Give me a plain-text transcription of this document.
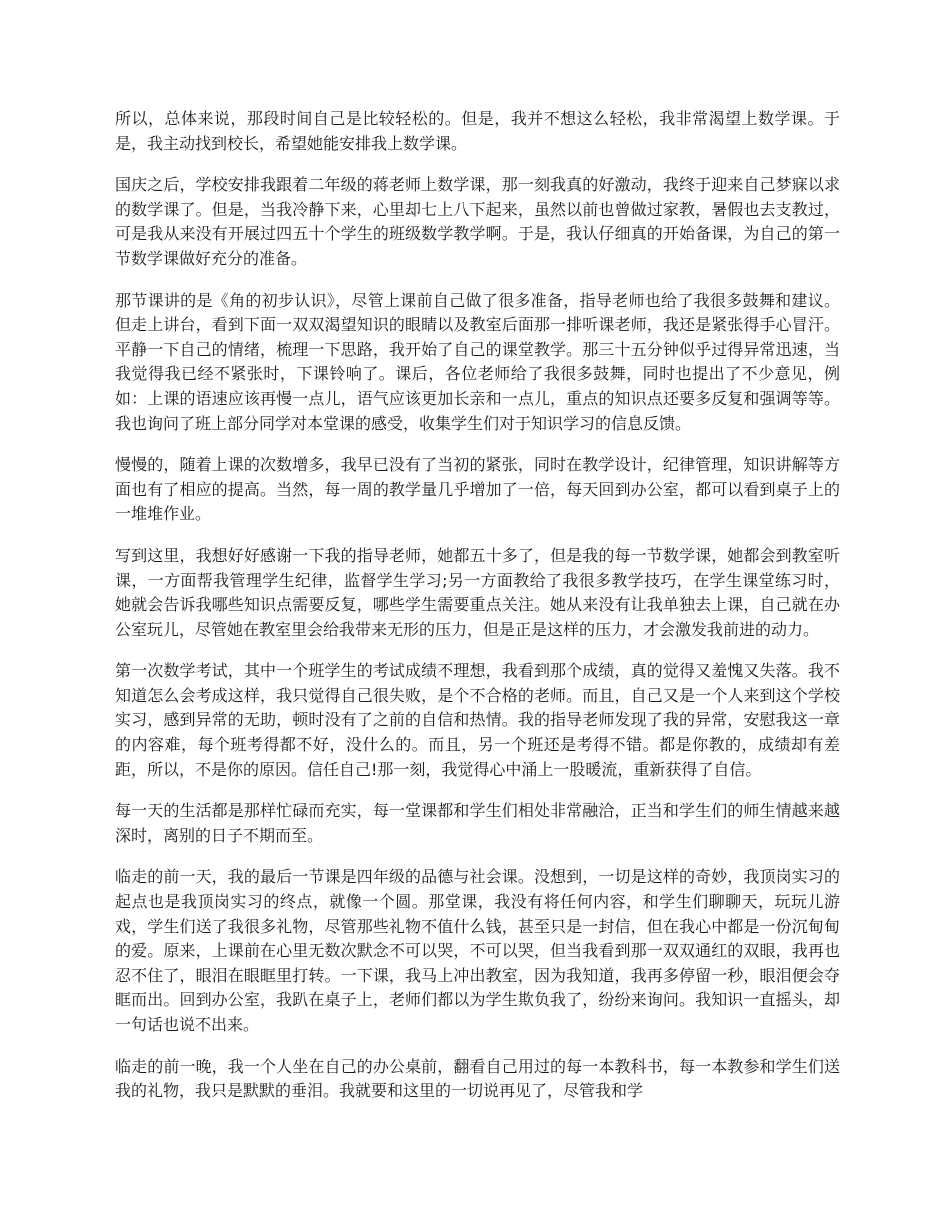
所以，总体来说，那段时间自己是比较轻松的。但是，我并不想这么轻松，我非常渴望上数学课。于是，我主动找到校长，希望她能安排我上数学课。

国庆之后，学校安排我跟着二年级的蒋老师上数学课，那一刻我真的好激动，我终于迎来自己梦寐以求的数学课了。但是，当我冷静下来，心里却七上八下起来，虽然以前也曾做过家教，暑假也去支教过，可是我从来没有开展过四五十个学生的班级数学教学啊。于是，我认仔细真的开始备课，为自己的第一节数学课做好充分的准备。

那节课讲的是《角的初步认识》，尽管上课前自己做了很多准备，指导老师也给了我很多鼓舞和建议。但走上讲台，看到下面一双双渴望知识的眼睛以及教室后面那一排听课老师，我还是紧张得手心冒汗。平静一下自己的情绪，梳理一下思路，我开始了自己的课堂教学。那三十五分钟似乎过得异常迅速，当我觉得我已经不紧张时，下课铃响了。课后，各位老师给了我很多鼓舞，同时也提出了不少意见，例如：上课的语速应该再慢一点儿，语气应该更加长亲和一点儿，重点的知识点还要多反复和强调等等。我也询问了班上部分同学对本堂课的感受，收集学生们对于知识学习的信息反馈。

慢慢的，随着上课的次数增多，我早已没有了当初的紧张，同时在教学设计，纪律管理，知识讲解等方面也有了相应的提高。当然，每一周的教学量几乎增加了一倍，每天回到办公室，都可以看到桌子上的一堆堆作业。

写到这里，我想好好感谢一下我的指导老师，她都五十多了，但是我的每一节数学课，她都会到教室听课，一方面帮我管理学生纪律，监督学生学习;另一方面教给了我很多教学技巧，在学生课堂练习时，她就会告诉我哪些知识点需要反复，哪些学生需要重点关注。她从来没有让我单独去上课，自己就在办公室玩儿，尽管她在教室里会给我带来无形的压力，但是正是这样的压力，才会激发我前进的动力。

第一次数学考试，其中一个班学生的考试成绩不理想，我看到那个成绩，真的觉得又羞愧又失落。我不知道怎么会考成这样，我只觉得自己很失败，是个不合格的老师。而且，自己又是一个人来到这个学校实习，感到异常的无助，顿时没有了之前的自信和热情。我的指导老师发现了我的异常，安慰我这一章的内容难，每个班考得都不好，没什么的。而且，另一个班还是考得不错。都是你教的，成绩却有差距，所以，不是你的原因。信任自己!那一刻，我觉得心中涌上一股暖流，重新获得了自信。

每一天的生活都是那样忙碌而充实，每一堂课都和学生们相处非常融洽，正当和学生们的师生情越来越深时，离别的日子不期而至。

临走的前一天，我的最后一节课是四年级的品德与社会课。没想到，一切是这样的奇妙，我顶岗实习的起点也是我顶岗实习的终点，就像一个圆。那堂课，我没有将任何内容，和学生们聊聊天，玩玩儿游戏，学生们送了我很多礼物，尽管那些礼物不值什么钱，甚至只是一封信，但在我心中都是一份沉甸甸的爱。原来，上课前在心里无数次默念不可以哭，不可以哭，但当我看到那一双双通红的双眼，我再也忍不住了，眼泪在眼眶里打转。一下课，我马上冲出教室，因为我知道，我再多停留一秒，眼泪便会夺眶而出。回到办公室，我趴在桌子上，老师们都以为学生欺负我了，纷纷来询问。我知识一直摇头，却一句话也说不出来。

临走的前一晚，我一个人坐在自己的办公桌前，翻看自己用过的每一本教科书，每一本教参和学生们送我的礼物，我只是默默的垂泪。我就要和这里的一切说再见了，尽管我和学
